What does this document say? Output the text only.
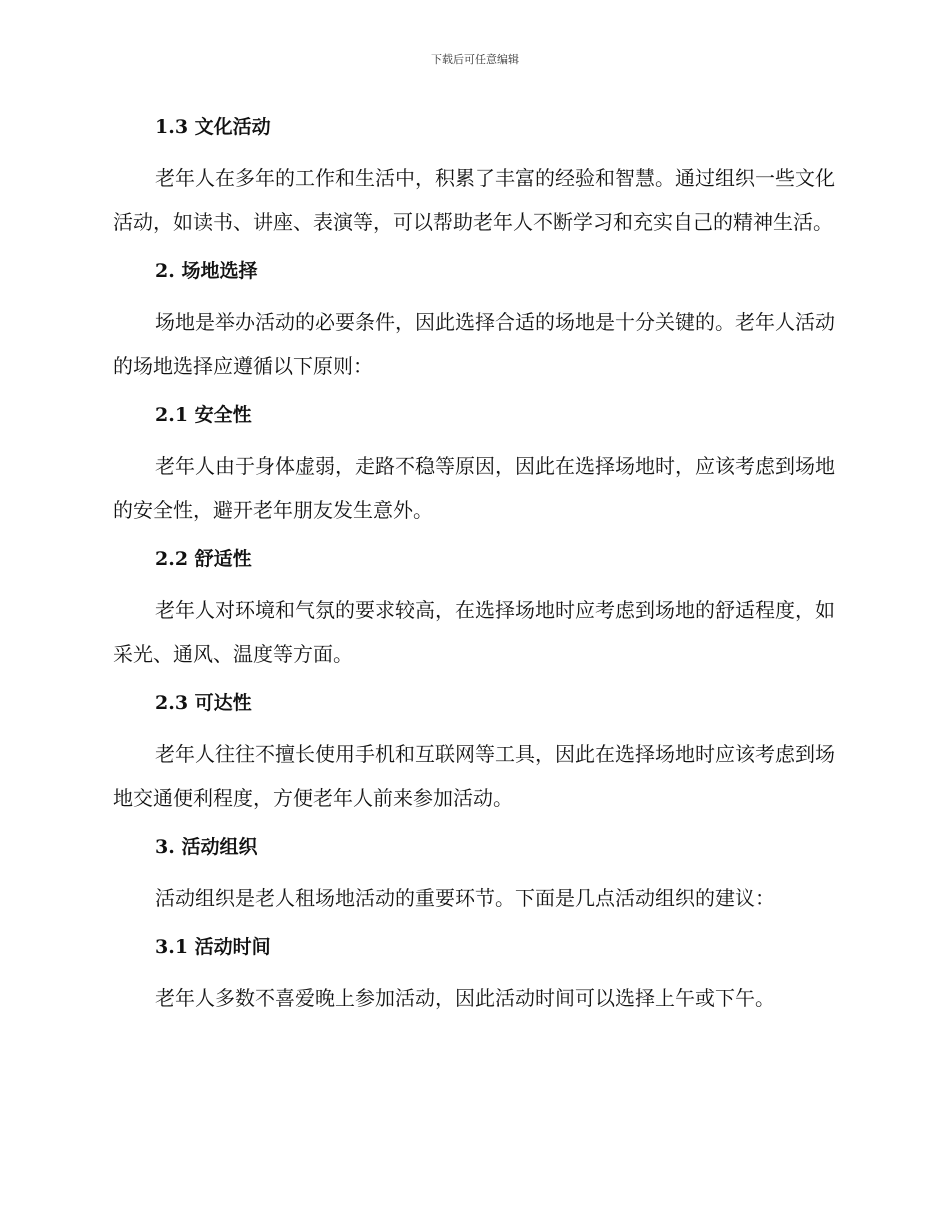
下载后可任意编辑
1.3 文化活动

老年人在多年的工作和生活中，积累了丰富的经验和智慧。通过组织一些文化活动，如读书、讲座、表演等，可以帮助老年人不断学习和充实自己的精神生活。

2. 场地选择

场地是举办活动的必要条件，因此选择合适的场地是十分关键的。老年人活动的场地选择应遵循以下原则：

2.1 安全性

老年人由于身体虚弱，走路不稳等原因，因此在选择场地时，应该考虑到场地的安全性，避开老年朋友发生意外。

2.2 舒适性

老年人对环境和气氛的要求较高，在选择场地时应考虑到场地的舒适程度，如采光、通风、温度等方面。

2.3 可达性

老年人往往不擅长使用手机和互联网等工具，因此在选择场地时应该考虑到场地交通便利程度，方便老年人前来参加活动。

3. 活动组织

活动组织是老人租场地活动的重要环节。下面是几点活动组织的建议：

3.1 活动时间

老年人多数不喜爱晚上参加活动，因此活动时间可以选择上午或下午。
